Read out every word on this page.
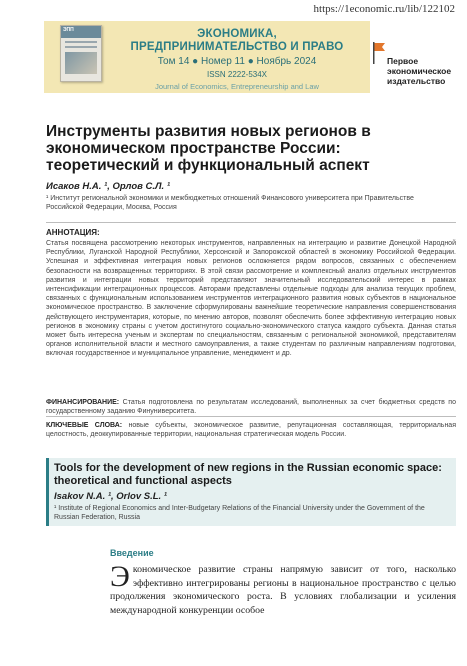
https://1economic.ru/lib/122102
ЭПП	ЭКОНОМИКА,
ПРЕДПРИНИМАТЕЛЬСТВО И ПРАВО
Том 14 ● Номер 11 ● Ноябрь 2024
ISSN 2222-534X
Journal of Economics, Entrepreneurship and Law
Первое
экономическое
издательство
Инструменты развития новых регионов в экономическом пространстве России: теоретический и функциональный аспект
Исаков Н.А. ¹, Орлов С.Л. ¹
¹ Институт региональной экономики и межбюджетных отношений Финансового университета при Правительстве Российской Федерации, Москва, Россия
АННОТАЦИЯ:
Статья посвящена рассмотрению некоторых инструментов, направленных на интеграцию и развитие Донецкой Народной Республики, Луганской Народной Республики, Херсонской и Запорожской областей в экономику Российской Федерации. Успешная и эффективная интеграция новых регионов осложняется рядом вопросов, связанных с обеспечением безопасности на возвращенных территориях. В этой связи рассмотрение и комплексный анализ отдельных инструментов развития и интеграции новых территорий представляют значительный исследовательский интерес в рамках интенсификации интеграционных процессов. Авторами представлены отдельные подходы для анализа текущих проблем, связанных с функциональным использованием инструментов интеграционного развития новых субъектов в национальное экономическое пространство. В заключение сформулированы важнейшие теоретические направления совершенствования действующего инструментария, которые, по мнению авторов, позволят обеспечить более эффективную интеграцию новых регионов в экономику страны с учетом достигнутого социально-экономического статуса каждого субъекта. Данная статья может быть интересна ученым и экспертам по специальностям, связанным с региональной экономикой, представителям органов исполнительной власти и местного самоуправления, а также студентам по различным направлениям подготовки, включая государственное и муниципальное управление, менеджмент и др.
ФИНАНСИРОВАНИЕ: Статья подготовлена по результатам исследований, выполненных за счет бюджетных средств по государственному заданию Финуниверситета.
КЛЮЧЕВЫЕ СЛОВА: новые субъекты, экономическое развитие, репутационная составляющая, территориальная целостность, деоккупированные территории, национальная стратегическая модель России.
Tools for the development of new regions in the Russian economic space: theoretical and functional aspects
Isakov N.A. ¹, Orlov S.L. ¹
¹ Institute of Regional Economics and Inter-Budgetary Relations of the Financial University under the Government of the Russian Federation, Russia
Введение
Экономическое развитие страны напрямую зависит от того, насколько эффективно интегрированы регионы в национальное пространство с целью продолжения экономического роста. В условиях глобализации и усиления международной конкуренции особое
